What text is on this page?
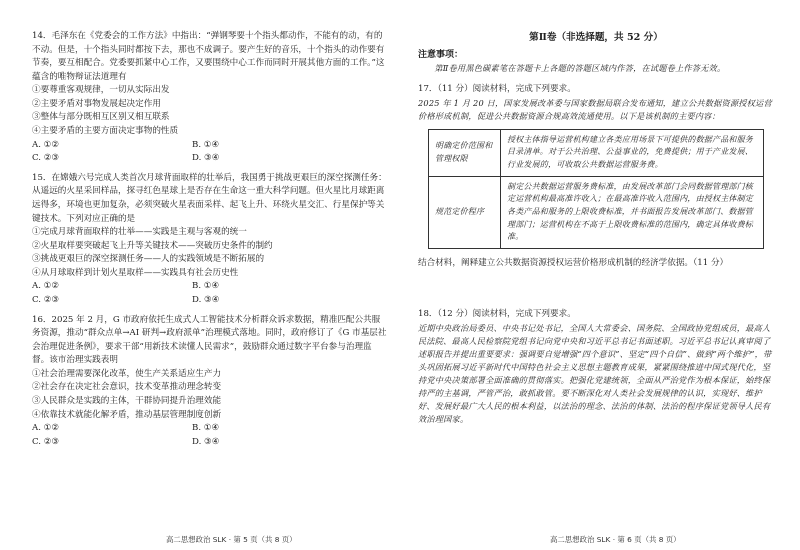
14．毛泽东在《党委会的工作方法》中指出：“弹钢琴要十个指头都动作，不能有的动，有的不动。但是，十个指头同时都按下去，那也不成调子。要产生好的音乐，十个指头的动作要有节奏，要互相配合。党委要抓紧中心工作，又要围绕中心工作而同时开展其他方面的工作。”这蕴含的唯物辩证法道理有

①要尊重客观规律，一切从实际出发

②主要矛盾对事物发展起决定作用

③整体与部分既相互区别又相互联系

④主要矛盾的主要方面决定事物的性质

A. ①②	B. ①④
C. ②③	D. ③④

15．在嫦娥六号完成人类首次月球背面取样的壮举后，我国勇于挑战更艰巨的深空探测任务：从遥远的火星采回样品，探寻红色星球上是否存在生命这一重大科学问题。但火星比月球距离远得多，环境也更加复杂，必须突破火星表面采样、起飞上升、环绕火星交汇、行星保护等关键技术。下列对应正确的是

①完成月球背面取样的壮举——实践是主观与客观的统一

②火星取样要突破起飞上升等关键技术——突破历史条件的制约

③挑战更艰巨的深空探测任务——人的实践领域是不断拓展的

④从月球取样到计划火星取样——实践具有社会历史性

A. ①②	B. ①④
C. ②③	D. ③④

16．2025 年 2 月，G 市政府依托生成式人工智能技术分析群众诉求数据，精准匹配公共服务资源，推动“群众点单→AI 研判→政府派单”治理模式落地。同时，政府修订了《G 市基层社会治理促进条例》，要求干部“用新技术读懂人民需求”，鼓励群众通过数字平台参与治理监督。该市治理实践表明

①社会治理需要深化改革，使生产关系适应生产力

②社会存在决定社会意识，技术变革推动理念转变

③人民群众是实践的主体，干群协同提升治理效能

④依靠技术就能化解矛盾，推动基层管理制度创新

A. ①②	B. ①④
C. ②③	D. ③④
第Ⅱ卷（非选择题，共 52 分）
注意事项：

第Ⅱ卷用黑色碳素笔在答题卡上各题的答题区域内作答，在试题卷上作答无效。

17．（11 分）阅读材料，完成下列要求。

2025 年 1 月 20 日，国家发展改革委与国家数据局联合发布通知，建立公共数据资源授权运营价格形成机制，促进公共数据资源合规高效流通使用。以下是该机制的主要内容：

明确定价范围和管理权限	授权主体指导运营机构建立各类应用场景下可提供的数据产品和服务目录清单。对于公共治理、公益事业的，免费提供；用于产业发展、行业发展的，可收取公共数据运营服务费。
规范定价程序	制定公共数据运营服务费标准，由发展改革部门会同数据管理部门核定运营机构最高准许收入；在最高准许收入范围内，由授权主体制定各类产品和服务的上限收费标准，并书面报告发展改革部门、数据管理部门；运营机构在不高于上限收费标准的范围内，确定具体收费标准。

结合材料，阐释建立公共数据资源授权运营价格形成机制的经济学依据。（11 分）

18．（12 分）阅读材料，完成下列要求。

近期中央政治局委员、中央书记处书记，全国人大常委会、国务院、全国政协党组成员，最高人民法院、最高人民检察院党组书记向党中央和习近平总书记书面述职。习近平总书记认真审阅了述职报告并提出重要要求：强调要自觉增强“四个意识”、坚定“四个自信”、做到“两个维护”，带头巩固拓展习近平新时代中国特色社会主义思想主题教育成果，紧紧围绕推进中国式现代化，坚持党中央决策部署全面准确的贯彻落实。把强化党建统领，全面从严治党作为根本保证，始终保持严的主基调，严管严治，敢抓敢管。要不断深化对人类社会发展规律的认识，实现好、维护好、发展好最广大人民的根本利益，以法治的理念、法治的体制、法治的程序保证党领导人民有效治理国家。

高二思想政治 SLK · 第 5 页（共 8 页）	高二思想政治 SLK · 第 6 页（共 8 页）
